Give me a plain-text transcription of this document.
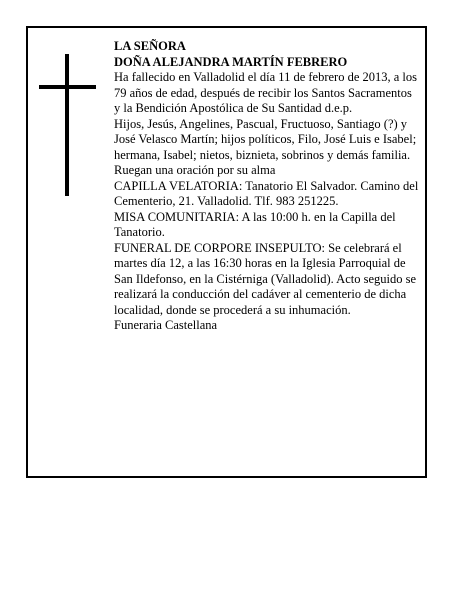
LA SEÑORA

DOÑA ALEJANDRA MARTÍN FEBRERO

Ha fallecido en Valladolid el día 11 de febrero de 2013, a los 79 años de edad, después de recibir los Santos Sacramentos y la Bendición Apostólica de Su Santidad d.e.p.

Hijos, Jesús, Angelines, Pascual, Fructuoso, Santiago (?) y José Velasco Martín; hijos políticos, Filo, José Luis e Isabel; hermana, Isabel; nietos, biznieta, sobrinos y demás familia.

Ruegan una oración por su alma

CAPILLA VELATORIA: Tanatorio El Salvador. Camino del Cementerio, 21. Valladolid. Tlf. 983 251225.

MISA COMUNITARIA: A las 10:00 h. en la Capilla del Tanatorio.

FUNERAL DE CORPORE INSEPULTO: Se celebrará el martes día 12, a las 16:30 horas en la Iglesia Parroquial de San Ildefonso, en la Cistérniga (Valladolid). Acto seguido se realizará la conducción del cadáver al cementerio de dicha localidad, donde se procederá a su inhumación.

Funeraria Castellana
